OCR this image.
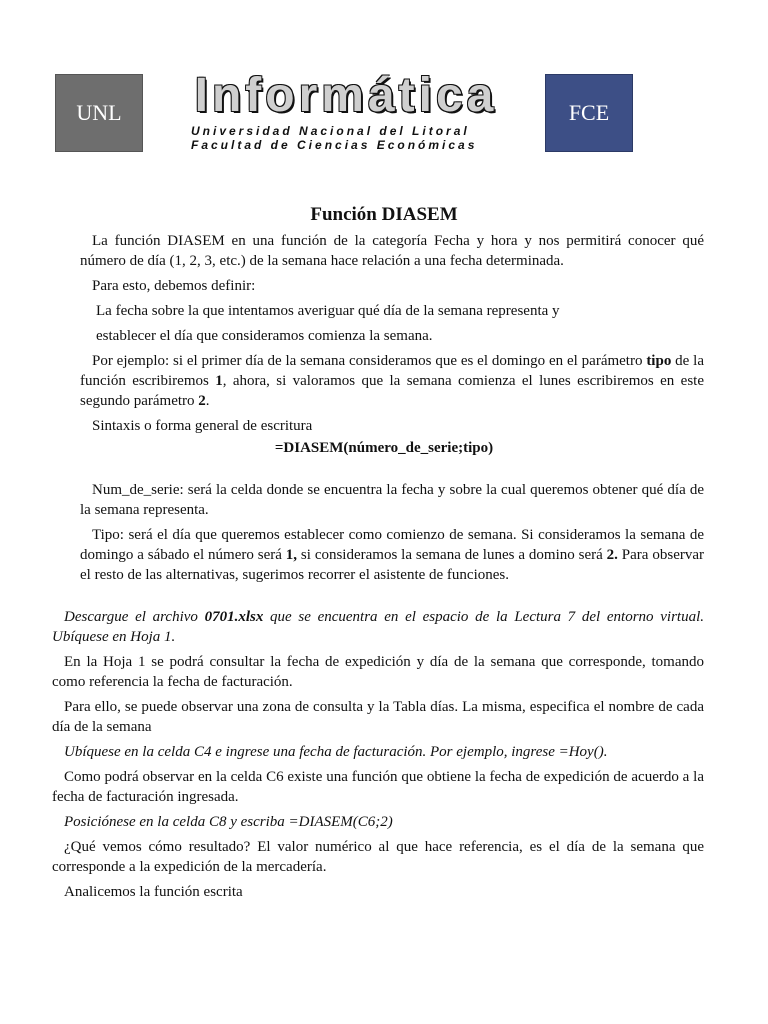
UNL	Informática
Universidad Nacional del Litoral
Facultad de Ciencias Económicas
FCE
Función DIASEM

La función DIASEM en una función de la categoría Fecha y hora y nos permitirá conocer qué número de día (1, 2, 3, etc.) de la semana hace relación a una fecha determinada.

Para esto, debemos definir:

La fecha sobre la que intentamos averiguar qué día de la semana representa y

establecer el día que consideramos comienza la semana.

Por ejemplo: si el primer día de la semana consideramos que es el domingo en el parámetro tipo de la función escribiremos 1, ahora, si valoramos que la semana comienza el lunes escribiremos en este segundo parámetro 2.

Sintaxis o forma general de escritura

=DIASEM(número_de_serie;tipo)

Num_de_serie: será la celda donde se encuentra la fecha y sobre la cual queremos obtener qué día de la semana representa.

Tipo: será el día que queremos establecer como comienzo de semana. Si consideramos la semana de domingo a sábado el número será 1, si consideramos la semana de lunes a domino será 2. Para observar el resto de las alternativas, sugerimos recorrer el asistente de funciones.

Descargue el archivo 0701.xlsx que se encuentra en el espacio de la Lectura 7 del entorno virtual. Ubíquese en Hoja 1.

En la Hoja 1 se podrá consultar la fecha de expedición y día de la semana que corresponde, tomando como referencia la fecha de facturación.

Para ello, se puede observar una zona de consulta y la Tabla días. La misma, especifica el nombre de cada día de la semana

Ubíquese en la celda C4 e ingrese una fecha de facturación. Por ejemplo, ingrese =Hoy().

Como podrá observar en la celda C6 existe una función que obtiene la fecha de expedición de acuerdo a la fecha de facturación ingresada.

Posiciónese en la celda C8 y escriba =DIASEM(C6;2)

¿Qué vemos cómo resultado? El valor numérico al que hace referencia, es el día de la semana que corresponde a la expedición de la mercadería.

Analicemos la función escrita
